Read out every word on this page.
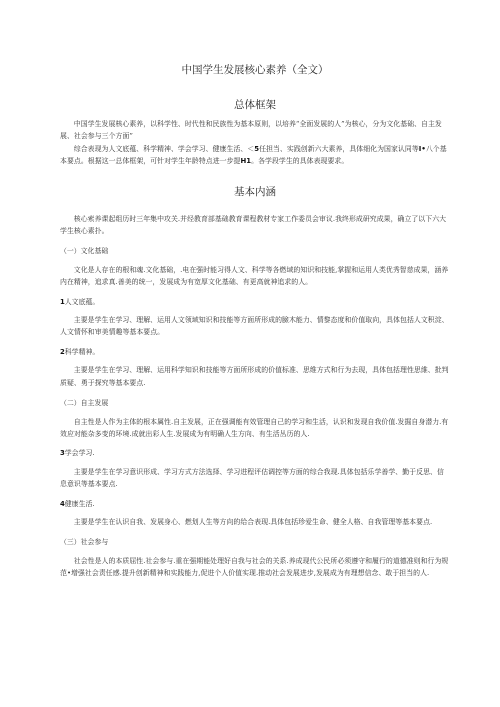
中国学生发展核心素养（全文）
总体框架

中国学生发展核心素养，以科学性、时代性和民族性为基本原则，以培养“全面发展的人”为核心，分为文化基础、自主发展、社会参与三个方面”

综合表现为人文底蕴、科学精神、学会学习、健康生活、＜5任担当、实践创新六大素养，具体细化为国家认同等I•八个基本要点。根据这一总体框架，可针对学生年龄特点进一步提H1。各学段学生的具体表现要求。

基本内涵

核心索养课起组历时三年集中攻关.并经教育部基础教育课程教材专家工作委员会审议.我终形成研究成果，确立了以下六大学生核心素扑。

（一）文化基础

文化是人存在的根和魂.文化基础，.电在强时能习得人文、科学等各燃域的知识和技能,掌握和运用人类优秀智慈成果，涵养内在精神，追求真.善美的统一，发展成为有宽厚文化基础、有更高就神追求的人。

1人文底蕴。

主要是学生在学习、理解、运用人文领域知识和技能等方面所形成的臉木能力、情黎态度和价值取向，具体包括人文积淀、人文情怀和审美情趣等基本要点。

2科学精神。

主要是学生在学习、理解、运用科学知识和技能等方面所形成的价值标准、思维方式和行为去现，具体包括理性思維、批判质疑、勇于探究等基本要点.

（二）自主发展

自主性是人作为主体的根本属性.自主发展，正在强调能有效管理自己的学习和生活，认识和发现自我价值.发掘自身潜力.有效应对能杂多变的环境.成就出彩人生.发展成为有明确人生方向、有生活丛历的人.

3学会学习.

主要是学生在学习意识形成、学习方式方法选择、学习进程评估调控等方面的综合我现.具体包括乐学善学、勤于反思、信息意识等基本要点.

4健康生活.

主要是学生在认识自我、发展身心、燃划人生等方向的给合表现.具体包括珍爱生命、健全人格、自我管理等基本要点.

（三）社会参与

社会性是人的本质屈性.社会参与.重在强期能处理好自我与社会的关系.养成现代公民所必须遵守和履行的道德准则和行为规范•增强社会责任感.提升创新精神和实践能力,促进个人价值实现.推动社会发展进步,发展成为有理想信念、敢于担当的人.
